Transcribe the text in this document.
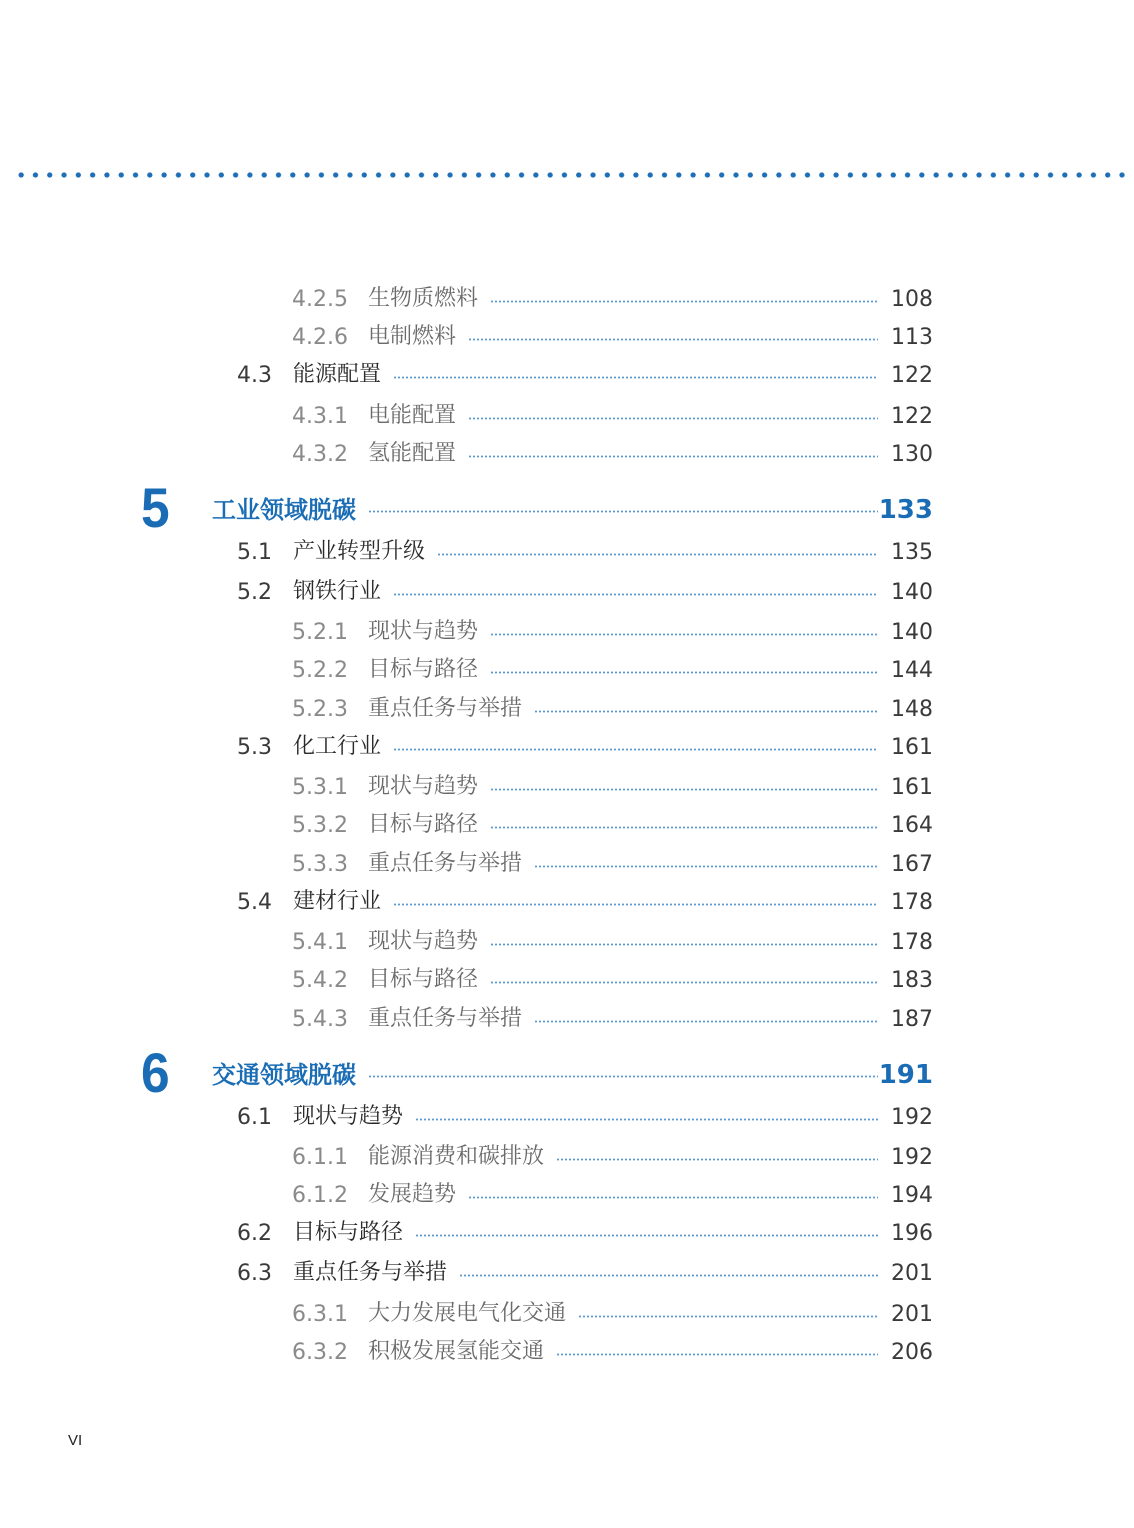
4.2.5 生物质燃料	108
4.2.6 电制燃料	113
4.3 能源配置	122
4.3.1 电能配置	122
4.3.2 氢能配置	130
5 工业领域脱碳	133
5.1 产业转型升级	135
5.2 钢铁行业	140
5.2.1 现状与趋势	140
5.2.2 目标与路径	144
5.2.3 重点任务与举措	148
5.3 化工行业	161
5.3.1 现状与趋势	161
5.3.2 目标与路径	164
5.3.3 重点任务与举措	167
5.4 建材行业	178
5.4.1 现状与趋势	178
5.4.2 目标与路径	183
5.4.3 重点任务与举措	187
6 交通领域脱碳	191
6.1 现状与趋势	192
6.1.1 能源消费和碳排放	192
6.1.2 发展趋势	194
6.2 目标与路径	196
6.3 重点任务与举措	201
6.3.1 大力发展电气化交通	201
6.3.2 积极发展氢能交通	206
VI
